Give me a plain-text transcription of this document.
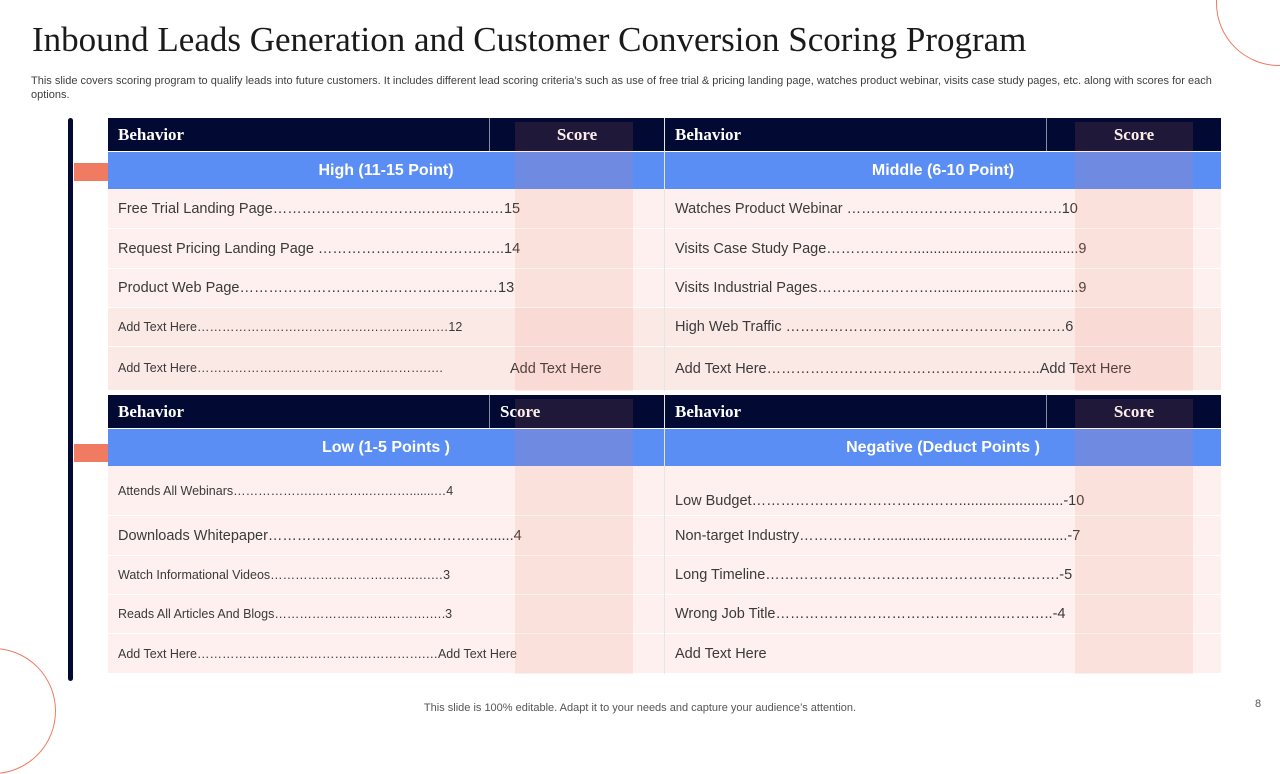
Inbound Leads Generation and Customer Conversion Scoring Program

This slide covers scoring program to qualify leads into future customers. It includes different lead scoring criteria’s such as use of free trial & pricing landing page, watches product webinar, visits case study pages, etc. along with scores for each options.

Behavior	Score
High (11-15 Point)
Free Trial Landing Page…………………………..…...……..…15
Request Pricing Landing Page …………………………….…..14
Product Web Page………………………….……….…….……13
Add Text Here…………………….…………….……….….……12
Add Text Here………………….………….………..……….….	Add Text Here
Behavior	Score
Middle (6-10 Point)
Watches Product Webinar ……………………………..……….10
Visits Case Study Page……………….........................................9
Visits Industrial Pages……………………....................................9
High Web Traffic ………………………………………………….6
Add Text Here………………………………….……………..Add Text Here
Behavior	Score
Low (1-5 Points )
Attends All Webinars……………….…………..….…….......…4
Downloads Whitepaper…………………………………….…......4
Watch Informational Videos……………………………..….…3
Reads All Articles And Blogs……………….……...……….….3
Add Text Here……………………………………………….…Add Text Here
Behavior	Score
Negative (Deduct Points )
Low Budget……………………………….……..........................-10
Non-target Industry……………….............................................-7
Long Timeline…………………………………………………….-5
Wrong Job Title………………………………………..………..-4
Add Text Here
This slide is 100% editable. Adapt it to your needs and capture your audience’s attention.	8
